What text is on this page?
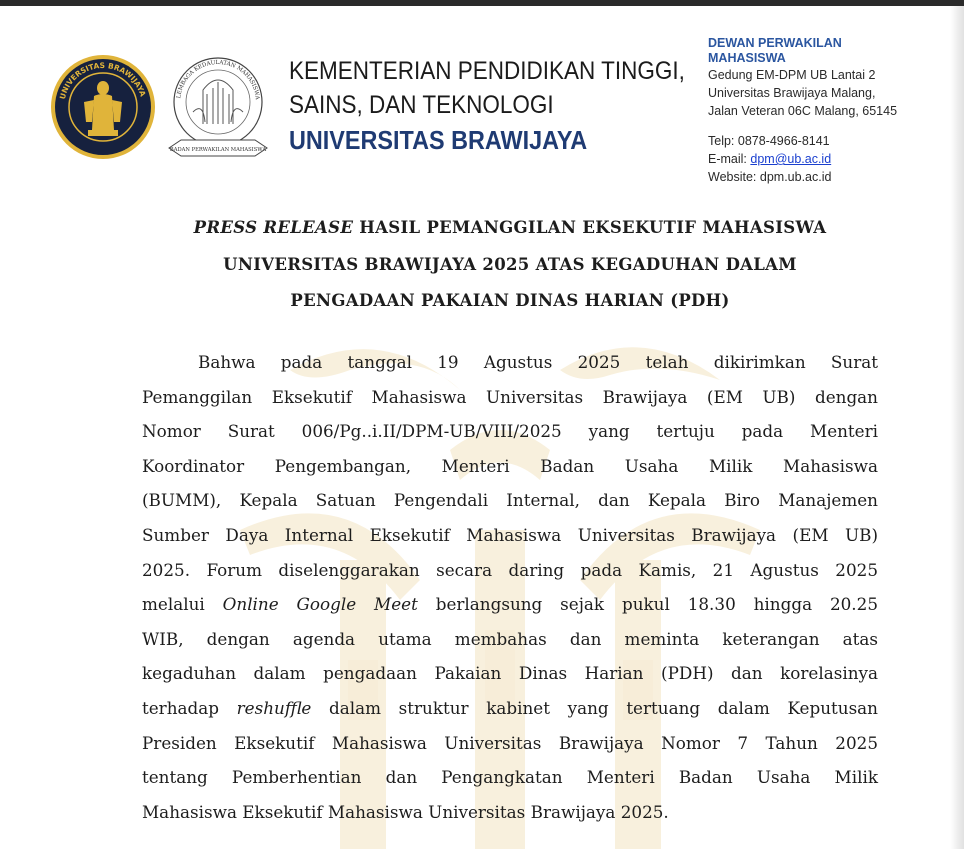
UNIVERSITAS BRAWIJAYA	LEMBAGA KEDAULATAN MAHASISWA
BADAN PERWAKILAN MAHASISWA
KEMENTERIAN PENDIDIKAN TINGGI,
SAINS, DAN TEKNOLOGI
UNIVERSITAS BRAWIJAYA
DEWAN PERWAKILAN
MAHASISWA
Gedung EM-DPM UB Lantai 2
Universitas Brawijaya Malang,
Jalan Veteran 06C Malang, 65145
Telp: 0878-4966-8141
E-mail: dpm@ub.ac.id
Website: dpm.ub.ac.id
PRESS RELEASE HASIL PEMANGGILAN EKSEKUTIF MAHASISWA
UNIVERSITAS BRAWIJAYA 2025 ATAS KEGADUHAN DALAM
PENGADAAN PAKAIAN DINAS HARIAN (PDH)
Bahwa pada tanggal 19 Agustus 2025 telah dikirimkan Surat
Pemanggilan Eksekutif Mahasiswa Universitas Brawijaya (EM UB) dengan
Nomor Surat 006/Pg..i.II/DPM-UB/VIII/2025 yang tertuju pada Menteri
Koordinator Pengembangan, Menteri Badan Usaha Milik Mahasiswa
(BUMM), Kepala Satuan Pengendali Internal, dan Kepala Biro Manajemen
Sumber Daya Internal Eksekutif Mahasiswa Universitas Brawijaya (EM UB)
2025. Forum diselenggarakan secara daring pada Kamis, 21 Agustus 2025
melalui Online Google Meet berlangsung sejak pukul 18.30 hingga 20.25
WIB, dengan agenda utama membahas dan meminta keterangan atas
kegaduhan dalam pengadaan Pakaian Dinas Harian (PDH) dan korelasinya
terhadap reshuffle dalam struktur kabinet yang tertuang dalam Keputusan
Presiden Eksekutif Mahasiswa Universitas Brawijaya Nomor 7 Tahun 2025
tentang Pemberhentian dan Pengangkatan Menteri Badan Usaha Milik
Mahasiswa Eksekutif Mahasiswa Universitas Brawijaya 2025.
